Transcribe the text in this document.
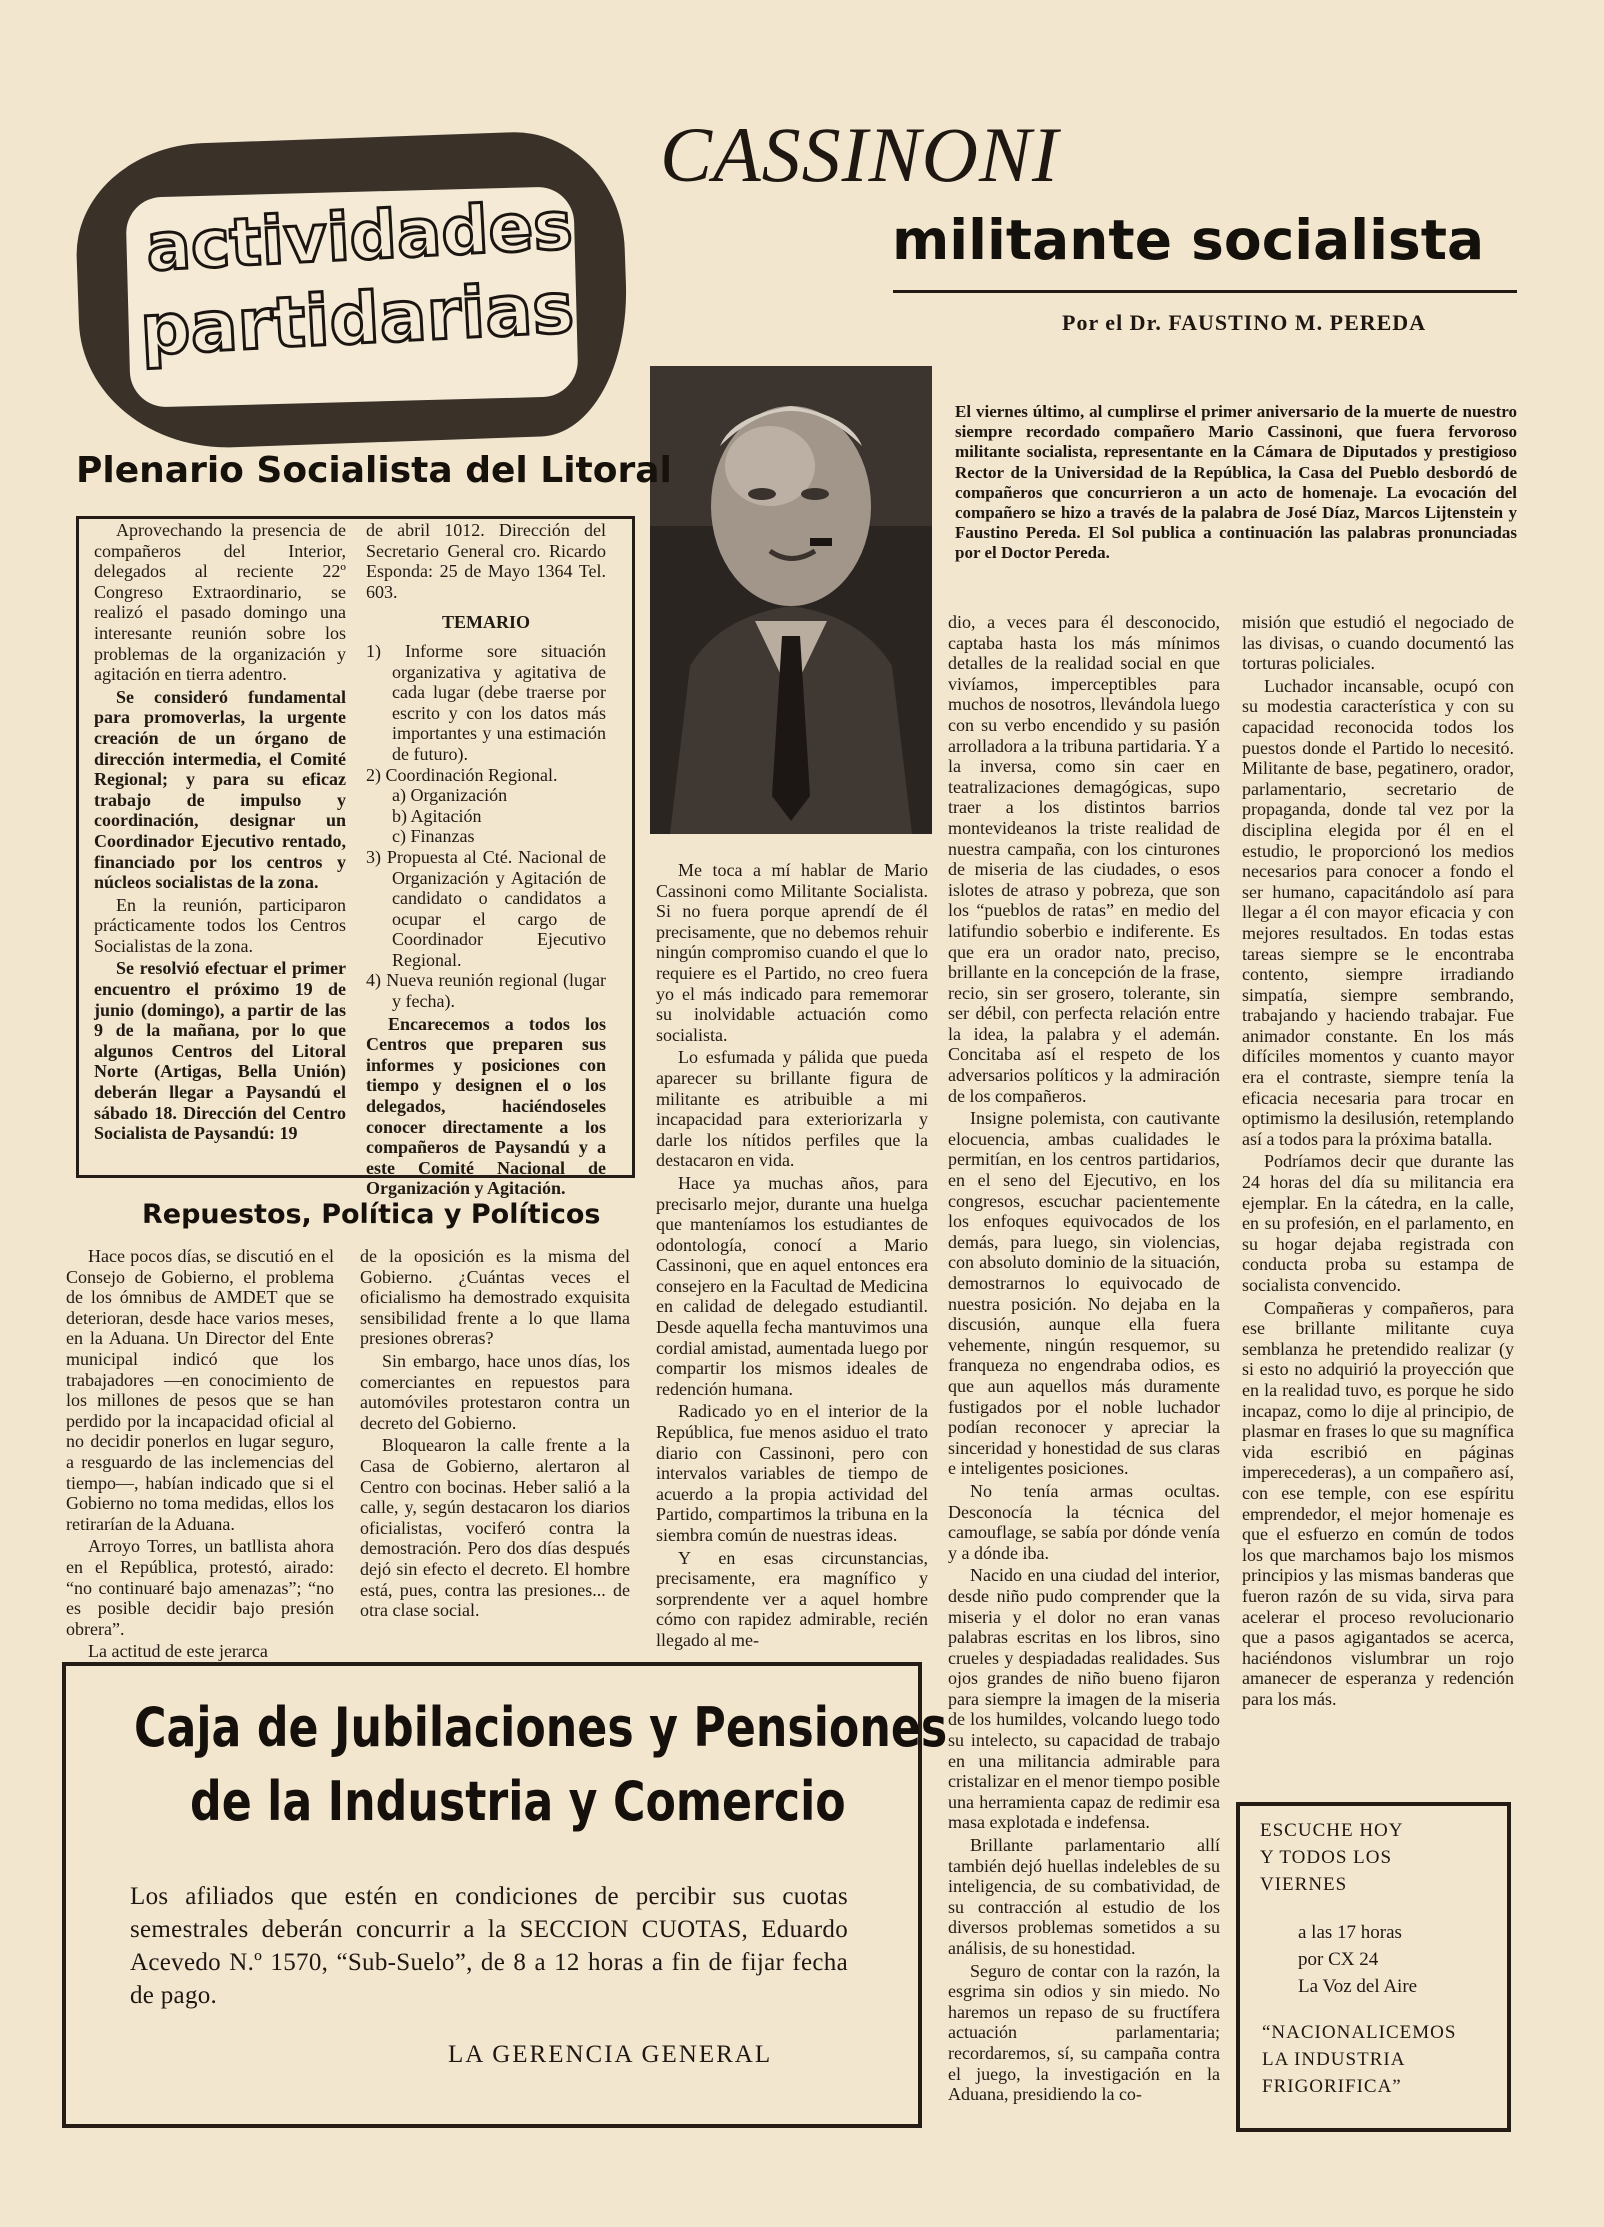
actividades
partidarias
CASSINONI
militante socialista
Por el Dr. FAUSTINO M. PEREDA
El viernes último, al cumplirse el primer aniversario de la muerte de nuestro siempre recordado compañero Mario Cassinoni, que fuera fervoroso militante socialista, representante en la Cámara de Diputados y prestigioso Rector de la Universidad de la República, la Casa del Pueblo desbordó de compañeros que concurrieron a un acto de homenaje. La evocación del compañero se hizo a través de la palabra de José Díaz, Marcos Lijtenstein y Faustino Pereda. El Sol publica a continuación las palabras pronunciadas por el Doctor Pereda.
Plenario Socialista del Litoral

Aprovechando la presencia de compañeros del Interior, delegados al reciente 22º Congreso Extraordinario, se realizó el pasado domingo una interesante reunión sobre los problemas de la organización y agitación en tierra adentro.

Se consideró fundamental para promoverlas, la urgente creación de un órgano de dirección intermedia, el Comité Regional; y para su eficaz trabajo de impulso y coordinación, designar un Coordinador Ejecutivo rentado, financiado por los centros y núcleos socialistas de la zona.

En la reunión, participaron prácticamente todos los Centros Socialistas de la zona.

Se resolvió efectuar el primer encuentro el próximo 19 de junio (domingo), a partir de las 9 de la mañana, por lo que algunos Centros del Litoral Norte (Artigas, Bella Unión) deberán llegar a Paysandú el sábado 18. Dirección del Centro Socialista de Paysandú: 19

de abril 1012. Dirección del Secretario General cro. Ricardo Esponda: 25 de Mayo 1364 Tel. 603.

TEMARIO
1) Informe sore situación organizativa y agitativa de cada lugar (debe traerse por escrito y con los datos más importantes y una estimación de futuro).
2) Coordinación Regional.
a) Organización
b) Agitación
c) Finanzas
3) Propuesta al Cté. Nacional de Organización y Agitación de candidato o candidatos a ocupar el cargo de Coordinador Ejecutivo Regional.
4) Nueva reunión regional (lugar y fecha).

Encarecemos a todos los Centros que preparen sus informes y posiciones con tiempo y designen el o los delegados, haciéndoseles conocer directamente a los compañeros de Paysandú y a este Comité Nacional de Organización y Agitación.

Repuestos, Política y Políticos

Hace pocos días, se discutió en el Consejo de Gobierno, el problema de los ómnibus de AMDET que se deterioran, desde hace varios meses, en la Aduana. Un Director del Ente municipal indicó que los trabajadores —en conocimiento de los millones de pesos que se han perdido por la incapacidad oficial al no decidir ponerlos en lugar seguro, a resguardo de las inclemencias del tiempo—, habían indicado que si el Gobierno no toma medidas, ellos los retirarían de la Aduana.

Arroyo Torres, un batllista ahora en el República, protestó, airado: “no continuaré bajo amenazas”; “no es posible decidir bajo presión obrera”.

La actitud de este jerarca

de la oposición es la misma del Gobierno. ¿Cuántas veces el oficialismo ha demostrado exquisita sensibilidad frente a lo que llama presiones obreras?

Sin embargo, hace unos días, los comerciantes en repuestos para automóviles protestaron contra un decreto del Gobierno.

Bloquearon la calle frente a la Casa de Gobierno, alertaron al Centro con bocinas. Heber salió a la calle, y, según destacaron los diarios oficialistas, vociferó contra la demostración. Pero dos días después dejó sin efecto el decreto. El hombre está, pues, contra las presiones... de otra clase social.

Me toca a mí hablar de Mario Cassinoni como Militante Socialista. Si no fuera porque aprendí de él precisamente, que no debemos rehuir ningún compromiso cuando el que lo requiere es el Partido, no creo fuera yo el más indicado para rememorar su inolvidable actuación como socialista.

Lo esfumada y pálida que pueda aparecer su brillante figura de militante es atribuible a mi incapacidad para exteriorizarla y darle los nítidos perfiles que la destacaron en vida.

Hace ya muchas años, para precisarlo mejor, durante una huelga que manteníamos los estudiantes de odontología, conocí a Mario Cassinoni, que en aquel entonces era consejero en la Facultad de Medicina en calidad de delegado estudiantil. Desde aquella fecha mantuvimos una cordial amistad, aumentada luego por compartir los mismos ideales de redención humana.

Radicado yo en el interior de la República, fue menos asiduo el trato diario con Cassinoni, pero con intervalos variables de tiempo de acuerdo a la propia actividad del Partido, compartimos la tribuna en la siembra común de nuestras ideas.

Y en esas circunstancias, precisamente, era magnífico y sorprendente ver a aquel hombre cómo con rapidez admirable, recién llegado al me-

dio, a veces para él desconocido, captaba hasta los más mínimos detalles de la realidad social en que vivíamos, imperceptibles para muchos de nosotros, llevándola luego con su verbo encendido y su pasión arrolladora a la tribuna partidaria. Y a la inversa, como sin caer en teatralizaciones demagógicas, supo traer a los distintos barrios montevideanos la triste realidad de nuestra campaña, con los cinturones de miseria de las ciudades, o esos islotes de atraso y pobreza, que son los “pueblos de ratas” en medio del latifundio soberbio e indiferente. Es que era un orador nato, preciso, brillante en la concepción de la frase, recio, sin ser grosero, tolerante, sin ser débil, con perfecta relación entre la idea, la palabra y el ademán. Concitaba así el respeto de los adversarios políticos y la admiración de los compañeros.

Insigne polemista, con cautivante elocuencia, ambas cualidades le permitían, en los centros partidarios, en el seno del Ejecutivo, en los congresos, escuchar pacientemente los enfoques equivocados de los demás, para luego, sin violencias, con absoluto dominio de la situación, demostrarnos lo equivocado de nuestra posición. No dejaba en la discusión, aunque ella fuera vehemente, ningún resquemor, su franqueza no engendraba odios, es que aun aquellos más duramente fustigados por el noble luchador podían reconocer y apreciar la sinceridad y honestidad de sus claras e inteligentes posiciones.

No tenía armas ocultas. Desconocía la técnica del camouflage, se sabía por dónde venía y a dónde iba.

Nacido en una ciudad del interior, desde niño pudo comprender que la miseria y el dolor no eran vanas palabras escritas en los libros, sino crueles y despiadadas realidades. Sus ojos grandes de niño bueno fijaron para siempre la imagen de la miseria de los humildes, volcando luego todo su intelecto, su capacidad de trabajo en una militancia admirable para cristalizar en el menor tiempo posible una herramienta capaz de redimir esa masa explotada e indefensa.

Brillante parlamentario allí también dejó huellas indelebles de su inteligencia, de su combatividad, de su contracción al estudio de los diversos problemas sometidos a su análisis, de su honestidad.

Seguro de contar con la razón, la esgrima sin odios y sin miedo. No haremos un repaso de su fructífera actuación parlamentaria; recordaremos, sí, su campaña contra el juego, la investigación en la Aduana, presidiendo la co-

misión que estudió el negociado de las divisas, o cuando documentó las torturas policiales.

Luchador incansable, ocupó con su modestia característica y con su capacidad reconocida todos los puestos donde el Partido lo necesitó. Militante de base, pegatinero, orador, parlamentario, secretario de propaganda, donde tal vez por la disciplina elegida por él en el estudio, le proporcionó los medios necesarios para conocer a fondo el ser humano, capacitándolo así para llegar a él con mayor eficacia y con mejores resultados. En todas estas tareas siempre se le encontraba contento, siempre irradiando simpatía, siempre sembrando, trabajando y haciendo trabajar. Fue animador constante. En los más difíciles momentos y cuanto mayor era el contraste, siempre tenía la eficacia necesaria para trocar en optimismo la desilusión, retemplando así a todos para la próxima batalla.

Podríamos decir que durante las 24 horas del día su militancia era ejemplar. En la cátedra, en la calle, en su profesión, en el parlamento, en su hogar dejaba registrada con conducta proba su estampa de socialista convencido.

Compañeras y compañeros, para ese brillante militante cuya semblanza he pretendido realizar (y si esto no adquirió la proyección que en la realidad tuvo, es porque he sido incapaz, como lo dije al principio, de plasmar en frases lo que su magnífica vida escribió en páginas imperecederas), a un compañero así, con ese temple, con ese espíritu emprendedor, el mejor homenaje es que el esfuerzo en común de todos los que marchamos bajo los mismos principios y las mismas banderas que fueron razón de su vida, sirva para acelerar el proceso revolucionario que a pasos agigantados se acerca, haciéndonos vislumbrar un rojo amanecer de esperanza y redención para los más.

Caja de Jubilaciones y Pensiones
de la Industria y Comercio
Los afiliados que estén en condiciones de percibir sus cuotas semestrales deberán concurrir a la SECCION CUOTAS, Eduardo Acevedo N.º 1570, “Sub-Suelo”, de 8 a 12 horas a fin de fijar fecha de pago.
LA GERENCIA GENERAL
ESCUCHE HOY
Y TODOS LOS
VIERNES
a las 17 horas
por CX 24
La Voz del Aire
“NACIONALICEMOS
LA INDUSTRIA
FRIGORIFICA”
